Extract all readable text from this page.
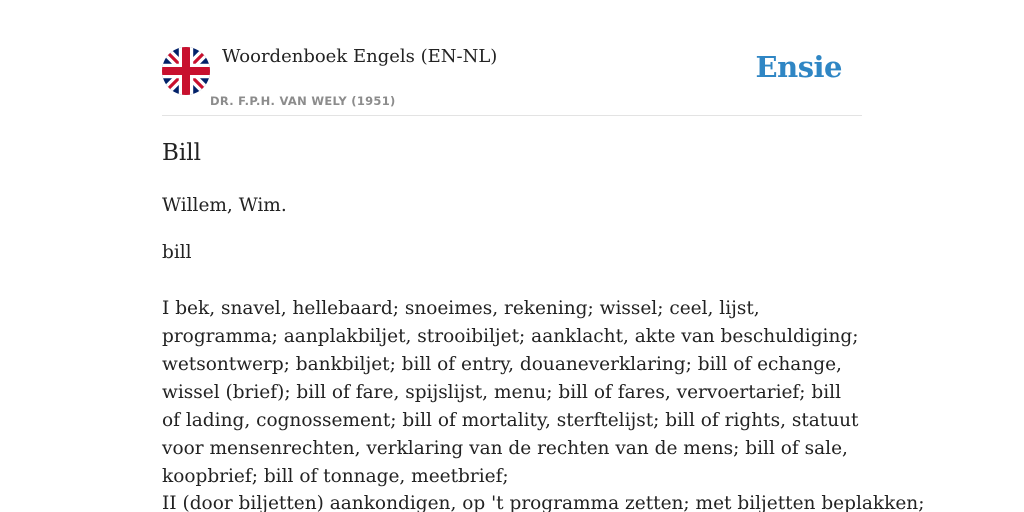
Woordenboek Engels (EN-NL)
DR. F.P.H. VAN WELY (1951)
Ensie
Bill

Willem, Wim.

bill

I bek, snavel, hellebaard; snoeimes, rekening; wissel; ceel, lijst, programma; aanplakbiljet, strooibiljet; aanklacht, akte van beschuldiging; wetsontwerp; bankbiljet; bill of entry, douaneverklaring; bill of echange, wissel (brief); bill of fare, spijslijst, menu; bill of fares, vervoertarief; bill of lading, cognossement; bill of mortality, sterftelijst; bill of rights, statuut voor mensenrechten, verklaring van de rechten van de mens; bill of sale, koopbrief; bill of tonnage, meetbrief;

II (door biljetten) aankondigen, op 't programma zetten; met biljetten beplakken;
